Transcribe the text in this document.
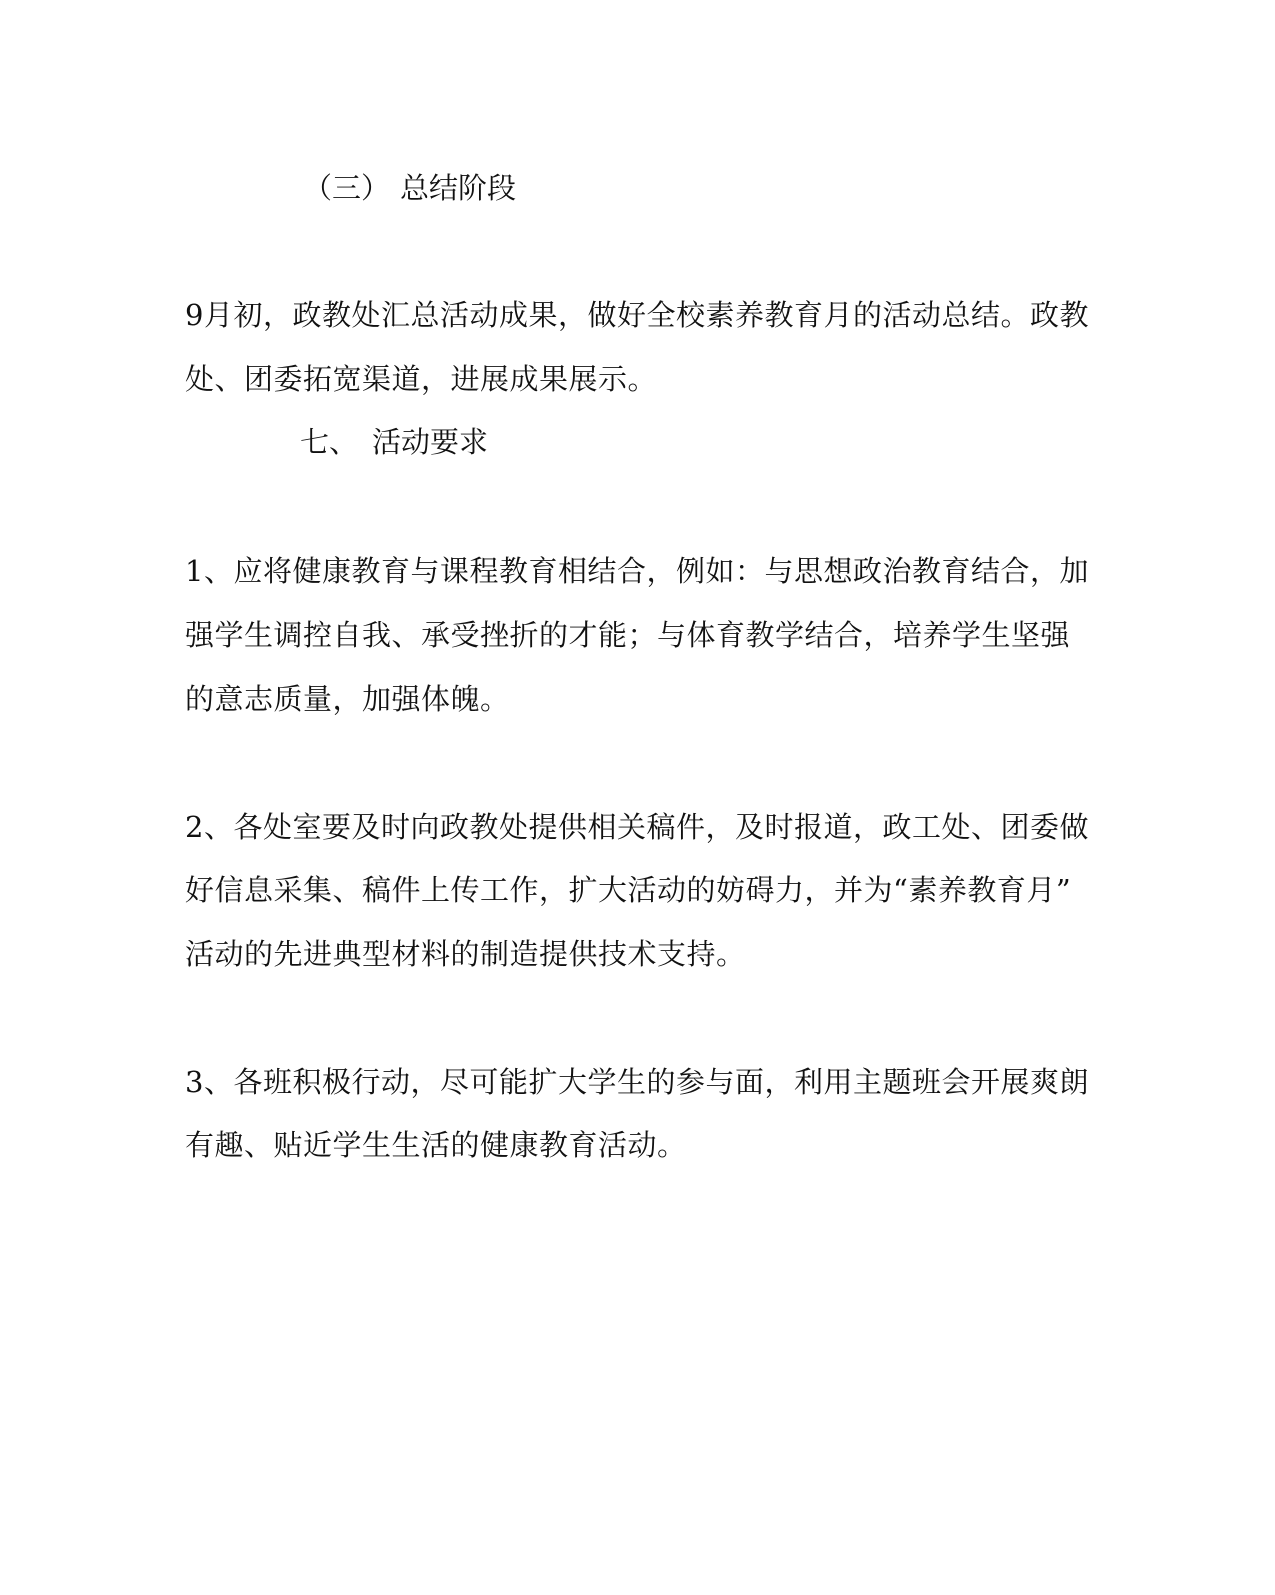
（三） 总结阶段
9月初，政教处汇总活动成果，做好全校素养教育月的活动总结。政教
处、团委拓宽渠道，进展成果展示。
七、 活动要求
1、应将健康教育与课程教育相结合，例如：与思想政治教育结合，加
强学生调控自我、承受挫折的才能；与体育教学结合，培养学生坚强
的意志质量，加强体魄。
2、各处室要及时向政教处提供相关稿件，及时报道，政工处、团委做
好信息采集、稿件上传工作，扩大活动的妨碍力，并为“素养教育月”
活动的先进典型材料的制造提供技术支持。
3、各班积极行动，尽可能扩大学生的参与面，利用主题班会开展爽朗
有趣、贴近学生生活的健康教育活动。
